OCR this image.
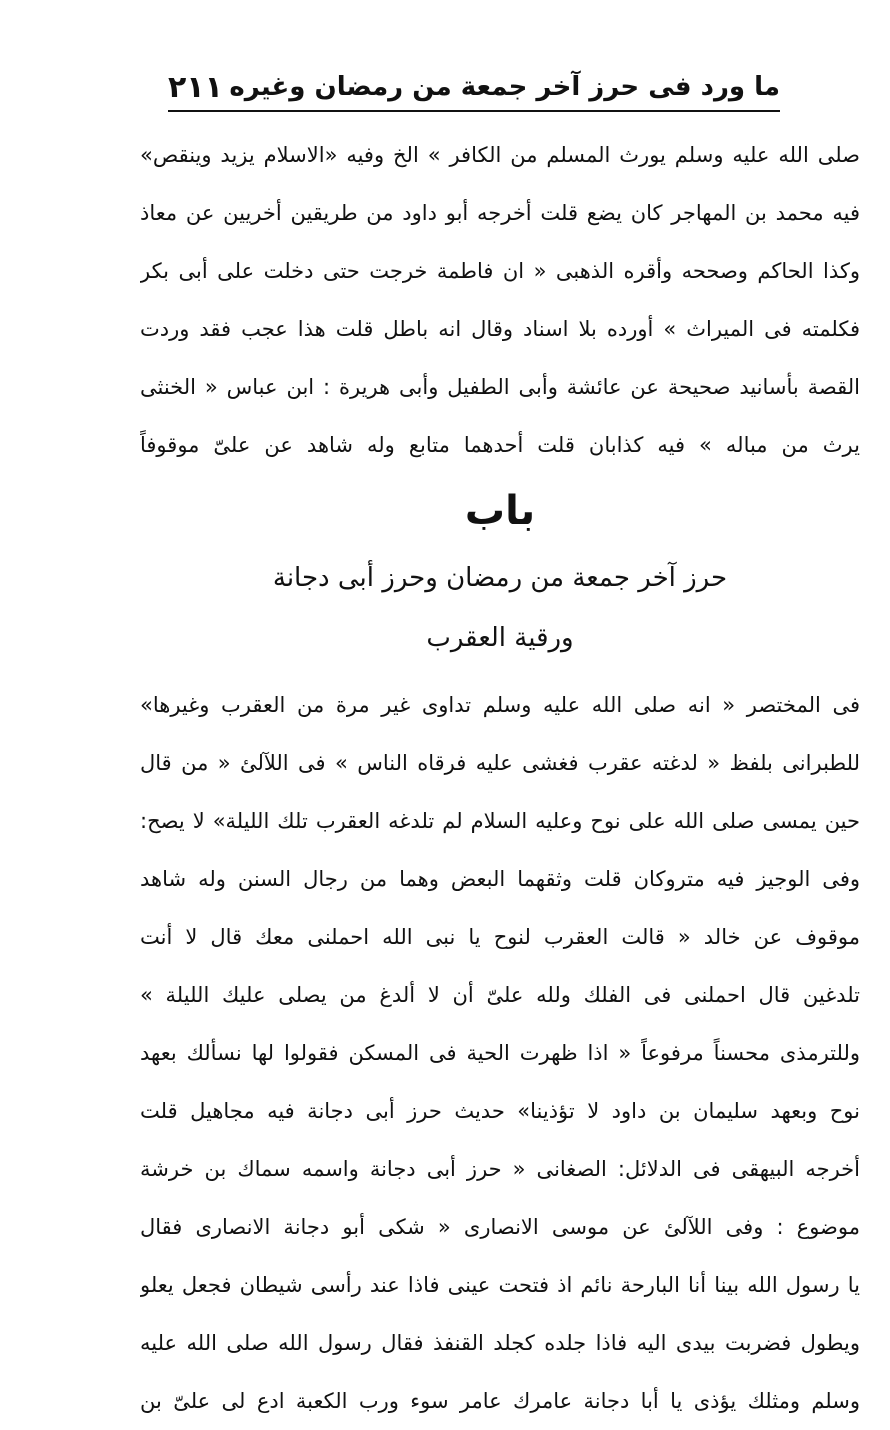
ما ورد فى حرز آخر جمعة من رمضان وغيره
٢١١
صلى الله عليه وسلم يورث المسلم من الكافر » الخ وفيه «الاسلام يزيد وينقص»
فيه محمد بن المهاجر كان يضع قلت أخرجه أبو داود من طريقين أخريين عن معاذ
وكذا الحاكم وصححه وأقره الذهبى « ان فاطمة خرجت حتى دخلت على أبى بكر
فكلمته فى الميراث » أورده بلا اسناد وقال انه باطل قلت هذا عجب فقد وردت
القصة بأسانيد صحيحة عن عائشة وأبى الطفيل وأبى هريرة : ابن عباس « الخنثى
يرث من مباله » فيه كذابان قلت أحدهما متابع وله شاهد عن علىّ موقوفاً
باب
حرز آخر جمعة من رمضان وحرز أبى دجانة
ورقية العقرب
فى المختصر « انه صلى الله عليه وسلم تداوى غير مرة من العقرب وغيرها»
للطبرانى بلفظ « لدغته عقرب فغشى عليه فرقاه الناس » فى اللآلئ « من قال
حين يمسى صلى الله على نوح وعليه السلام لم تلدغه العقرب تلك الليلة» لا يصح:
وفى الوجيز فيه متروكان قلت وثقهما البعض وهما من رجال السنن وله شاهد
موقوف عن خالد « قالت العقرب لنوح يا نبى الله احملنى معك قال لا أنت
تلدغين قال احملنى فى الفلك ولله علىّ أن لا ألدغ من يصلى عليك الليلة »
وللترمذى محسناً مرفوعاً « اذا ظهرت الحية فى المسكن فقولوا لها نسألك بعهد
نوح وبعهد سليمان بن داود لا تؤذينا» حديث حرز أبى دجانة فيه مجاهيل قلت
أخرجه البيهقى فى الدلائل: الصغانى « حرز أبى دجانة واسمه سماك بن خرشة
موضوع : وفى اللآلئ عن موسى الانصارى « شكى أبو دجانة الانصارى فقال
يا رسول الله بينا أنا البارحة نائم اذ فتحت عينى فاذا عند رأسى شيطان فجعل يعلو
ويطول فضربت بيدى اليه فاذا جلده كجلد القنفذ فقال رسول الله صلى الله عليه
وسلم ومثلك يؤذى يا أبا دجانة عامرك عامر سوء ورب الكعبة ادع لى علىّ بن
